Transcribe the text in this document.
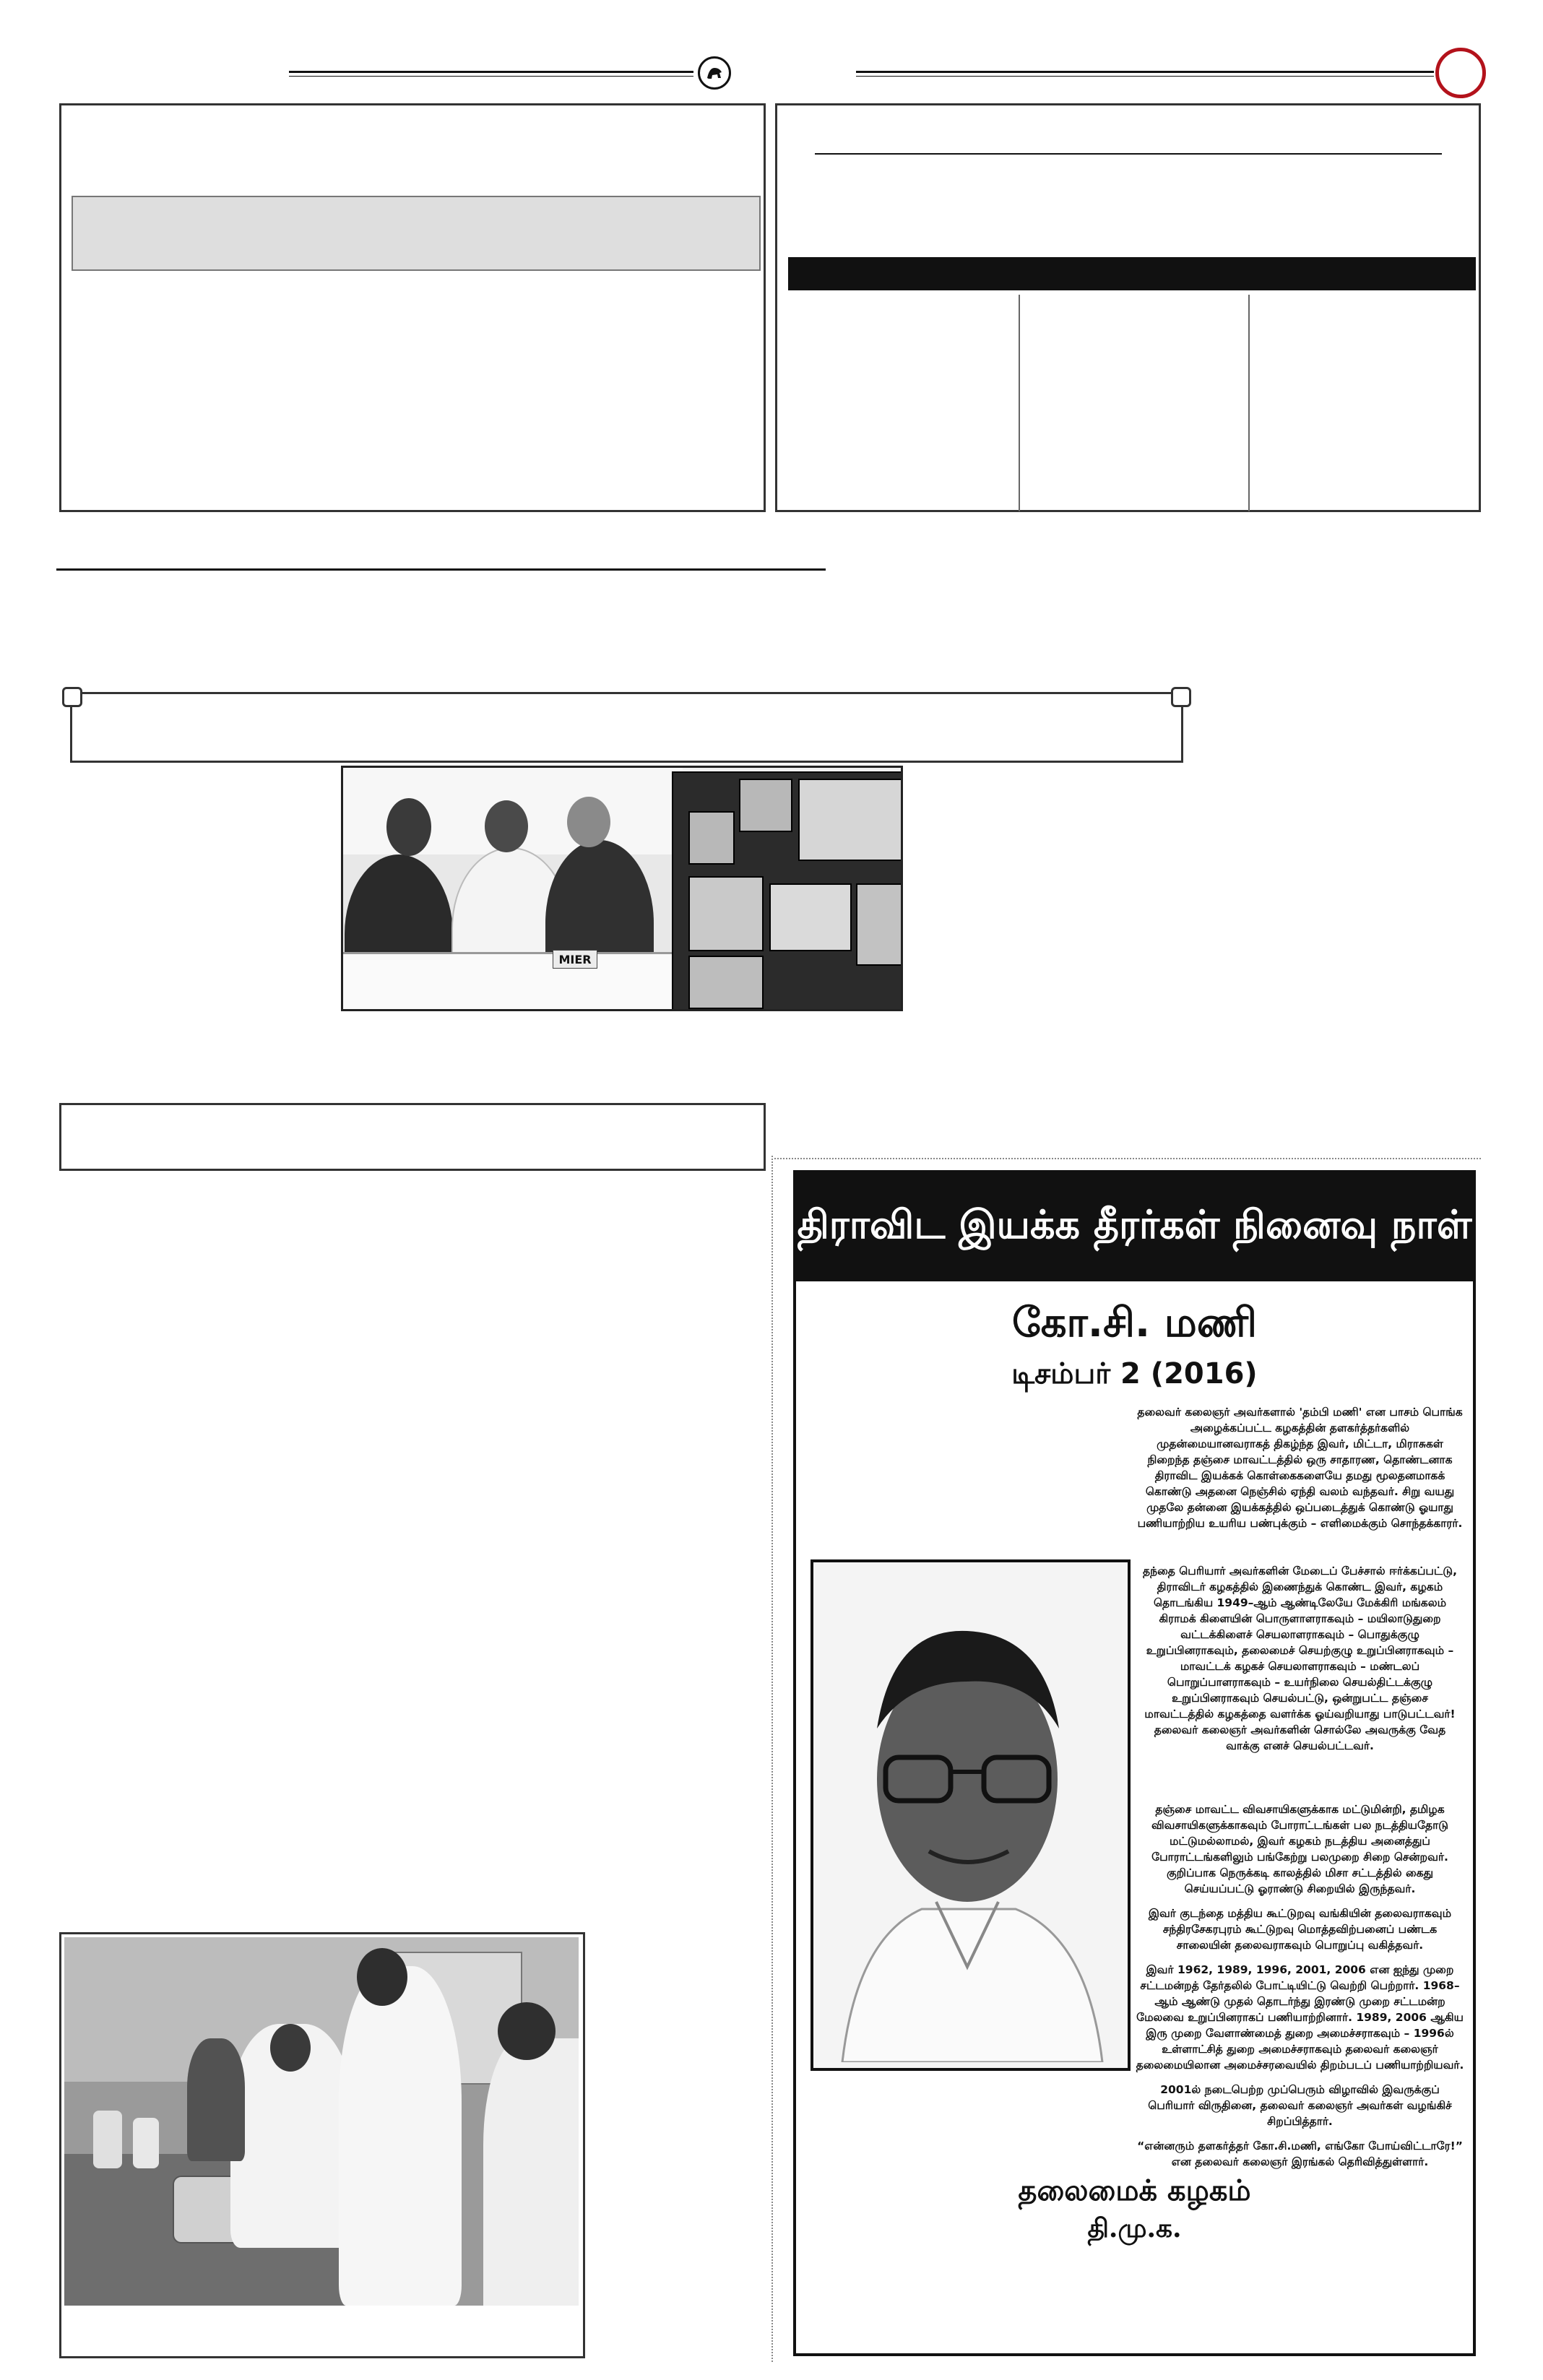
MIER
திராவிட இயக்க தீரர்கள் நினைவு நாள்
கோ.சி. மணி
டிசம்பர் 2 (2016)

தலைவர் கலைஞர் அவர்களால் 'தம்பி மணி' என பாசம் பொங்க அழைக்கப்பட்ட கழகத்தின் தளகர்த்தர்களில் முதன்மையானவராகத் திகழ்ந்த இவர், மிட்டா, மிராசுகள் நிறைந்த தஞ்சை மாவட்டத்தில் ஒரு சாதாரண, தொண்டனாக திராவிட இயக்கக் கொள்கைகளையே தமது மூலதனமாகக் கொண்டு அதனை நெஞ்சில் ஏந்தி வலம் வந்தவர். சிறு வயது முதலே தன்னை இயக்கத்தில் ஒப்படைத்துக் கொண்டு ஓயாது பணியாற்றிய உயரிய பண்புக்கும் – எளிமைக்கும் சொந்தக்காரர்.

தந்தை பெரியார் அவர்களின் மேடைப் பேச்சால் ஈர்க்கப்பட்டு, திராவிடர் கழகத்தில் இணைந்துக் கொண்ட இவர், கழகம் தொடங்கிய 1949–ஆம் ஆண்டிலேயே மேக்கிரி மங்கலம் கிராமக் கிளையின் பொருளாளராகவும் – மயிலாடுதுறை வட்டக்கிளைச் செயலாளராகவும் – பொதுக்குழு உறுப்பினராகவும், தலைமைச் செயற்குழு உறுப்பினராகவும் – மாவட்டக் கழகச் செயலாளராகவும் – மண்டலப் பொறுப்பாளராகவும் – உயர்நிலை செயல்திட்டக்குழு உறுப்பினராகவும் செயல்பட்டு, ஒன்றுபட்ட தஞ்சை மாவட்டத்தில் கழகத்தை வளர்க்க ஓய்வறியாது பாடுபட்டவர்! தலைவர் கலைஞர் அவர்களின் சொல்லே அவருக்கு வேத வாக்கு எனச் செயல்பட்டவர்.

தஞ்சை மாவட்ட விவசாயிகளுக்காக மட்டுமின்றி, தமிழக விவசாயிகளுக்காகவும் போராட்டங்கள் பல நடத்தியதோடு மட்டுமல்லாமல், இவர் கழகம் நடத்திய அனைத்துப் போராட்டங்களிலும் பங்கேற்று பலமுறை சிறை சென்றவர். குறிப்பாக நெருக்கடி காலத்தில் மிசா சட்டத்தில் கைது செய்யப்பட்டு ஓராண்டு சிறையில் இருந்தவர்.

இவர் குடந்தை மத்திய கூட்டுறவு வங்கியின் தலைவராகவும் சந்திரசேகரபுரம் கூட்டுறவு மொத்தவிற்பனைப் பண்டக சாலையின் தலைவராகவும் பொறுப்பு வகித்தவர்.

இவர் 1962, 1989, 1996, 2001, 2006 என ஐந்து முறை சட்டமன்றத் தேர்தலில் போட்டியிட்டு வெற்றி பெற்றார். 1968–ஆம் ஆண்டு முதல் தொடர்ந்து இரண்டு முறை சட்டமன்ற மேலவை உறுப்பினராகப் பணியாற்றினார். 1989, 2006 ஆகிய இரு முறை வேளாண்மைத் துறை அமைச்சராகவும் – 1996ல் உள்ளாட்சித் துறை அமைச்சராகவும் தலைவர் கலைஞர் தலைமையிலான அமைச்சரவையில் திறம்படப் பணியாற்றியவர்.

2001ல் நடைபெற்ற முப்பெரும் விழாவில் இவருக்குப் பெரியார் விருதினை, தலைவர் கலைஞர் அவர்கள் வழங்கிச் சிறப்பித்தார்.

“என்னரும் தளகர்த்தர் கோ.சி.மணி, எங்கோ போய்விட்டாரே!” என தலைவர் கலைஞர் இரங்கல் தெரிவித்துள்ளார்.

தலைமைக் கழகம்
தி.மு.க.
